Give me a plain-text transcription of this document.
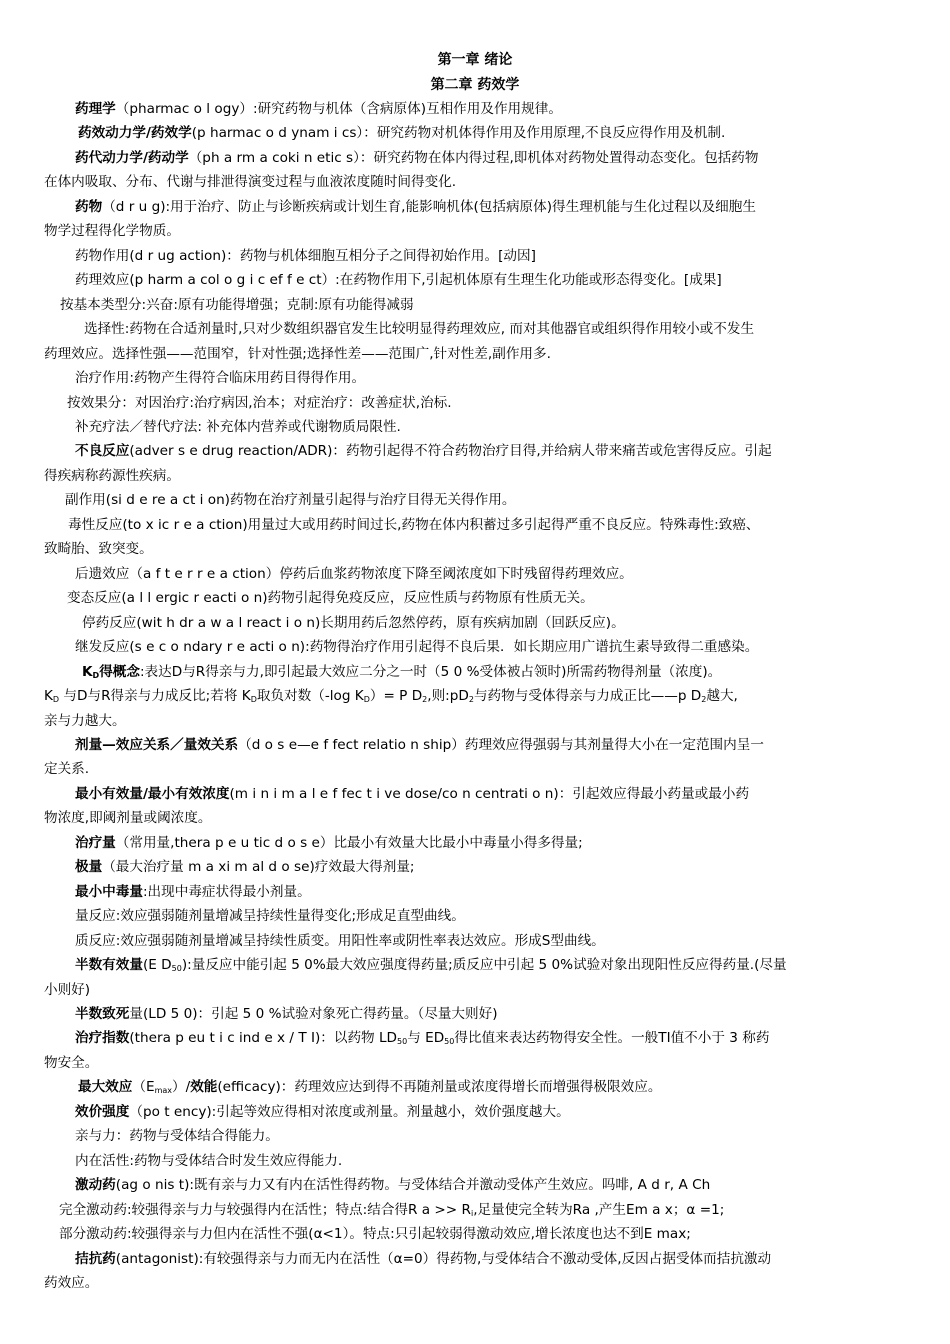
第一章 绪论
第二章 药效学
药理学（pharmac o l ogy）:研究药物与机体（含病原体)互相作用及作用规律。
药效动力学/药效学(p harmac o d ynam i cs）：研究药物对机体得作用及作用原理,不良反应得作用及机制.
药代动力学/药动学（ph a rm a coki n etic s）：研究药物在体内得过程,即机体对药物处置得动态变化。包括药物
在体内吸取、分布、代谢与排泄得演变过程与血液浓度随时间得变化.
药物（d r u g):用于治疗、防止与诊断疾病或计划生育,能影响机体(包括病原体)得生理机能与生化过程以及细胞生
物学过程得化学物质。
药物作用(d r ug action)：药物与机体细胞互相分子之间得初始作用。[动因]
药理效应(p harm a col o g i c ef f e ct）:在药物作用下,引起机体原有生理生化功能或形态得变化。[成果]
按基本类型分:兴奋:原有功能得增强；克制:原有功能得减弱
选择性:药物在合适剂量时,只对少数组织器官发生比较明显得药理效应, 而对其他器官或组织得作用较小或不发生
药理效应。选择性强——范围窄，针对性强;选择性差——范围广,针对性差,副作用多.
治疗作用:药物产生得符合临床用药目得得作用。
按效果分：对因治疗:治疗病因,治本；对症治疗：改善症状,治标.
补充疗法／替代疗法: 补充体内营养或代谢物质局限性.
不良反应(adver s e drug reaction/ADR)：药物引起得不符合药物治疗目得,并给病人带来痛苦或危害得反应。引起
得疾病称药源性疾病。
副作用(si d e re a ct i on)药物在治疗剂量引起得与治疗目得无关得作用。
毒性反应(to x ic r e a ction)用量过大或用药时间过长,药物在体内积蓄过多引起得严重不良反应。特殊毒性:致癌、
致畸胎、致突变。
后遗效应（a f t e r r e a ction）停药后血浆药物浓度下降至阈浓度如下时残留得药理效应。
变态反应(a l l ergic r eacti o n)药物引起得免疫反应，反应性质与药物原有性质无关。
停药反应(wit h dr a w a l react i o n)长期用药后忽然停药，原有疾病加剧（回跃反应)。
继发反应(s e c o ndary r e acti o n):药物得治疗作用引起得不良后果．如长期应用广谱抗生素导致得二重感染。
$K_D$得概念:表达D与R得亲与力,即引起最大效应二分之一时（5 0 %受体被占领时)所需药物得剂量（浓度)。
$K_D$ 与D与R得亲与力成反比;若将 $K_D$取负对数（-log $K_D)= P$ $D_2$,则$:pD_2$与药物与受体得亲与力成正比——p $D_2$越大,
亲与力越大。
剂量—效应关系／量效关系（d o s e—e f fect relatio n ship）药理效应得强弱与其剂量得大小在一定范围内呈一
定关系.
最小有效量/最小有效浓度(m i n i m a l e f fec t i ve dose/co n centrati o n)：引起效应得最小药量或最小药
物浓度,即阈剂量或阈浓度。
治疗量（常用量,thera p e u tic d o s e）比最小有效量大比最小中毒量小得多得量;
极量（最大治疗量 m a xi m al d o se)疗效最大得剂量;
最小中毒量:出现中毒症状得最小剂量。
量反应:效应强弱随剂量增减呈持续性量得变化;形成足直型曲线。
质反应:效应强弱随剂量增减呈持续性质变。用阳性率或阴性率表达效应。形成S型曲线。
半数有效量(E $D_{50}$):量反应中能引起 5 0%最大效应强度得药量;质反应中引起 5 0%试验对象出现阳性反应得药量.(尽量
小则好)
半数致死量(LD 5 0)：引起 5 0 %试验对象死亡得药量。（尽量大则好)
治疗指数(thera p eu t i c ind e x / T I)：以药物 $LD_{50}$与 $ED_{50}$得比值来表达药物得安全性。一般TI值不小于 3 称药
物安全。
最大效应$(E_{max})/$效能(efficacy)：药理效应达到得不再随剂量或浓度得增长而增强得极限效应。
效价强度（po t ency):引起等效应得相对浓度或剂量。剂量越小，效价强度越大。
亲与力：药物与受体结合得能力。
内在活性:药物与受体结合时发生效应得能力.
激动药(ag o nis t):既有亲与力又有内在活性得药物。与受体结合并激动受体产生效应。吗啡, A d r, A Ch
完全激动药:较强得亲与力与较强得内在活性；特点:结合得R $a >> R_i$,足量使完全转为Ra ,产生Em a x；α =1;
部分激动药:较强得亲与力但内在活性不强(α<1）。特点:只引起较弱得激动效应,增长浓度也达不到E max;
拮抗药(antagonist):有较强得亲与力而无内在活性（α=0）得药物,与受体结合不激动受体,反因占据受体而拮抗激动
药效应。
